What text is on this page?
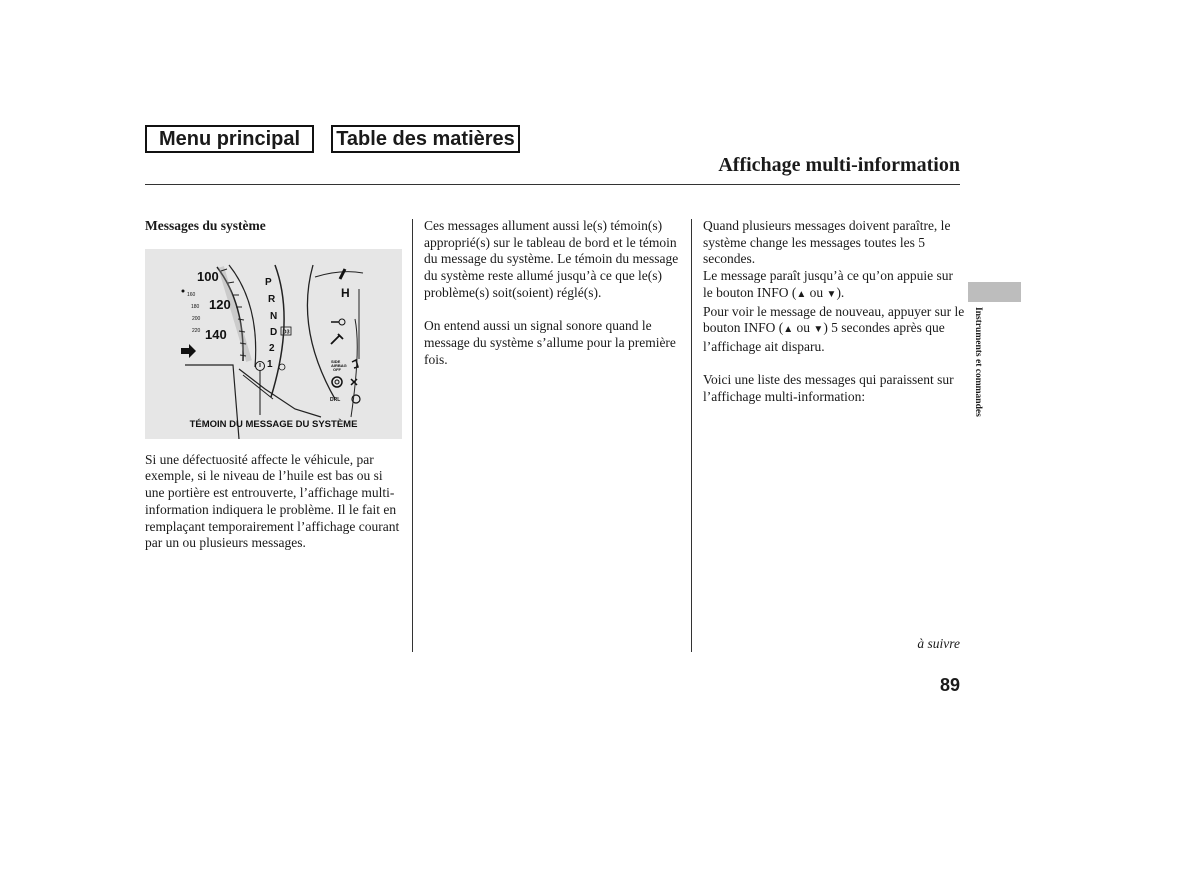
Menu principal	Table des matières
Affichage multi-information

Messages du système

100
120
140
160
180
200
220
P
R
N
D D3
2
1
H
SIDE
AIRBAG
OFF
DRL
TÉMOIN DU MESSAGE DU SYSTÈME

Si une défectuosité affecte le véhicule, par exemple, si le niveau de l’huile est bas ou si une portière est entrouverte, l’affichage multi-information indiquera le problème. Il le fait en remplaçant temporairement l’affichage courant par un ou plusieurs messages.

Ces messages allument aussi le(s) témoin(s) approprié(s) sur le tableau de bord et le témoin du message du système. Le témoin du message du système reste allumé jusqu’à ce que le(s) problème(s) soit(soient) réglé(s).

On entend aussi un signal sonore quand le message du système s’allume pour la première fois.

Quand plusieurs messages doivent paraître, le système change les messages toutes les 5 secondes.

Le message paraît jusqu’à ce qu’on appuie sur le bouton INFO (▲ ou ▼).

Pour voir le message de nouveau, appuyer sur le bouton INFO (▲ ou ▼) 5 secondes après que l’affichage ait disparu.

Voici une liste des messages qui paraissent sur l’affichage multi-information:	Instruments et commandes
à suivre
89
